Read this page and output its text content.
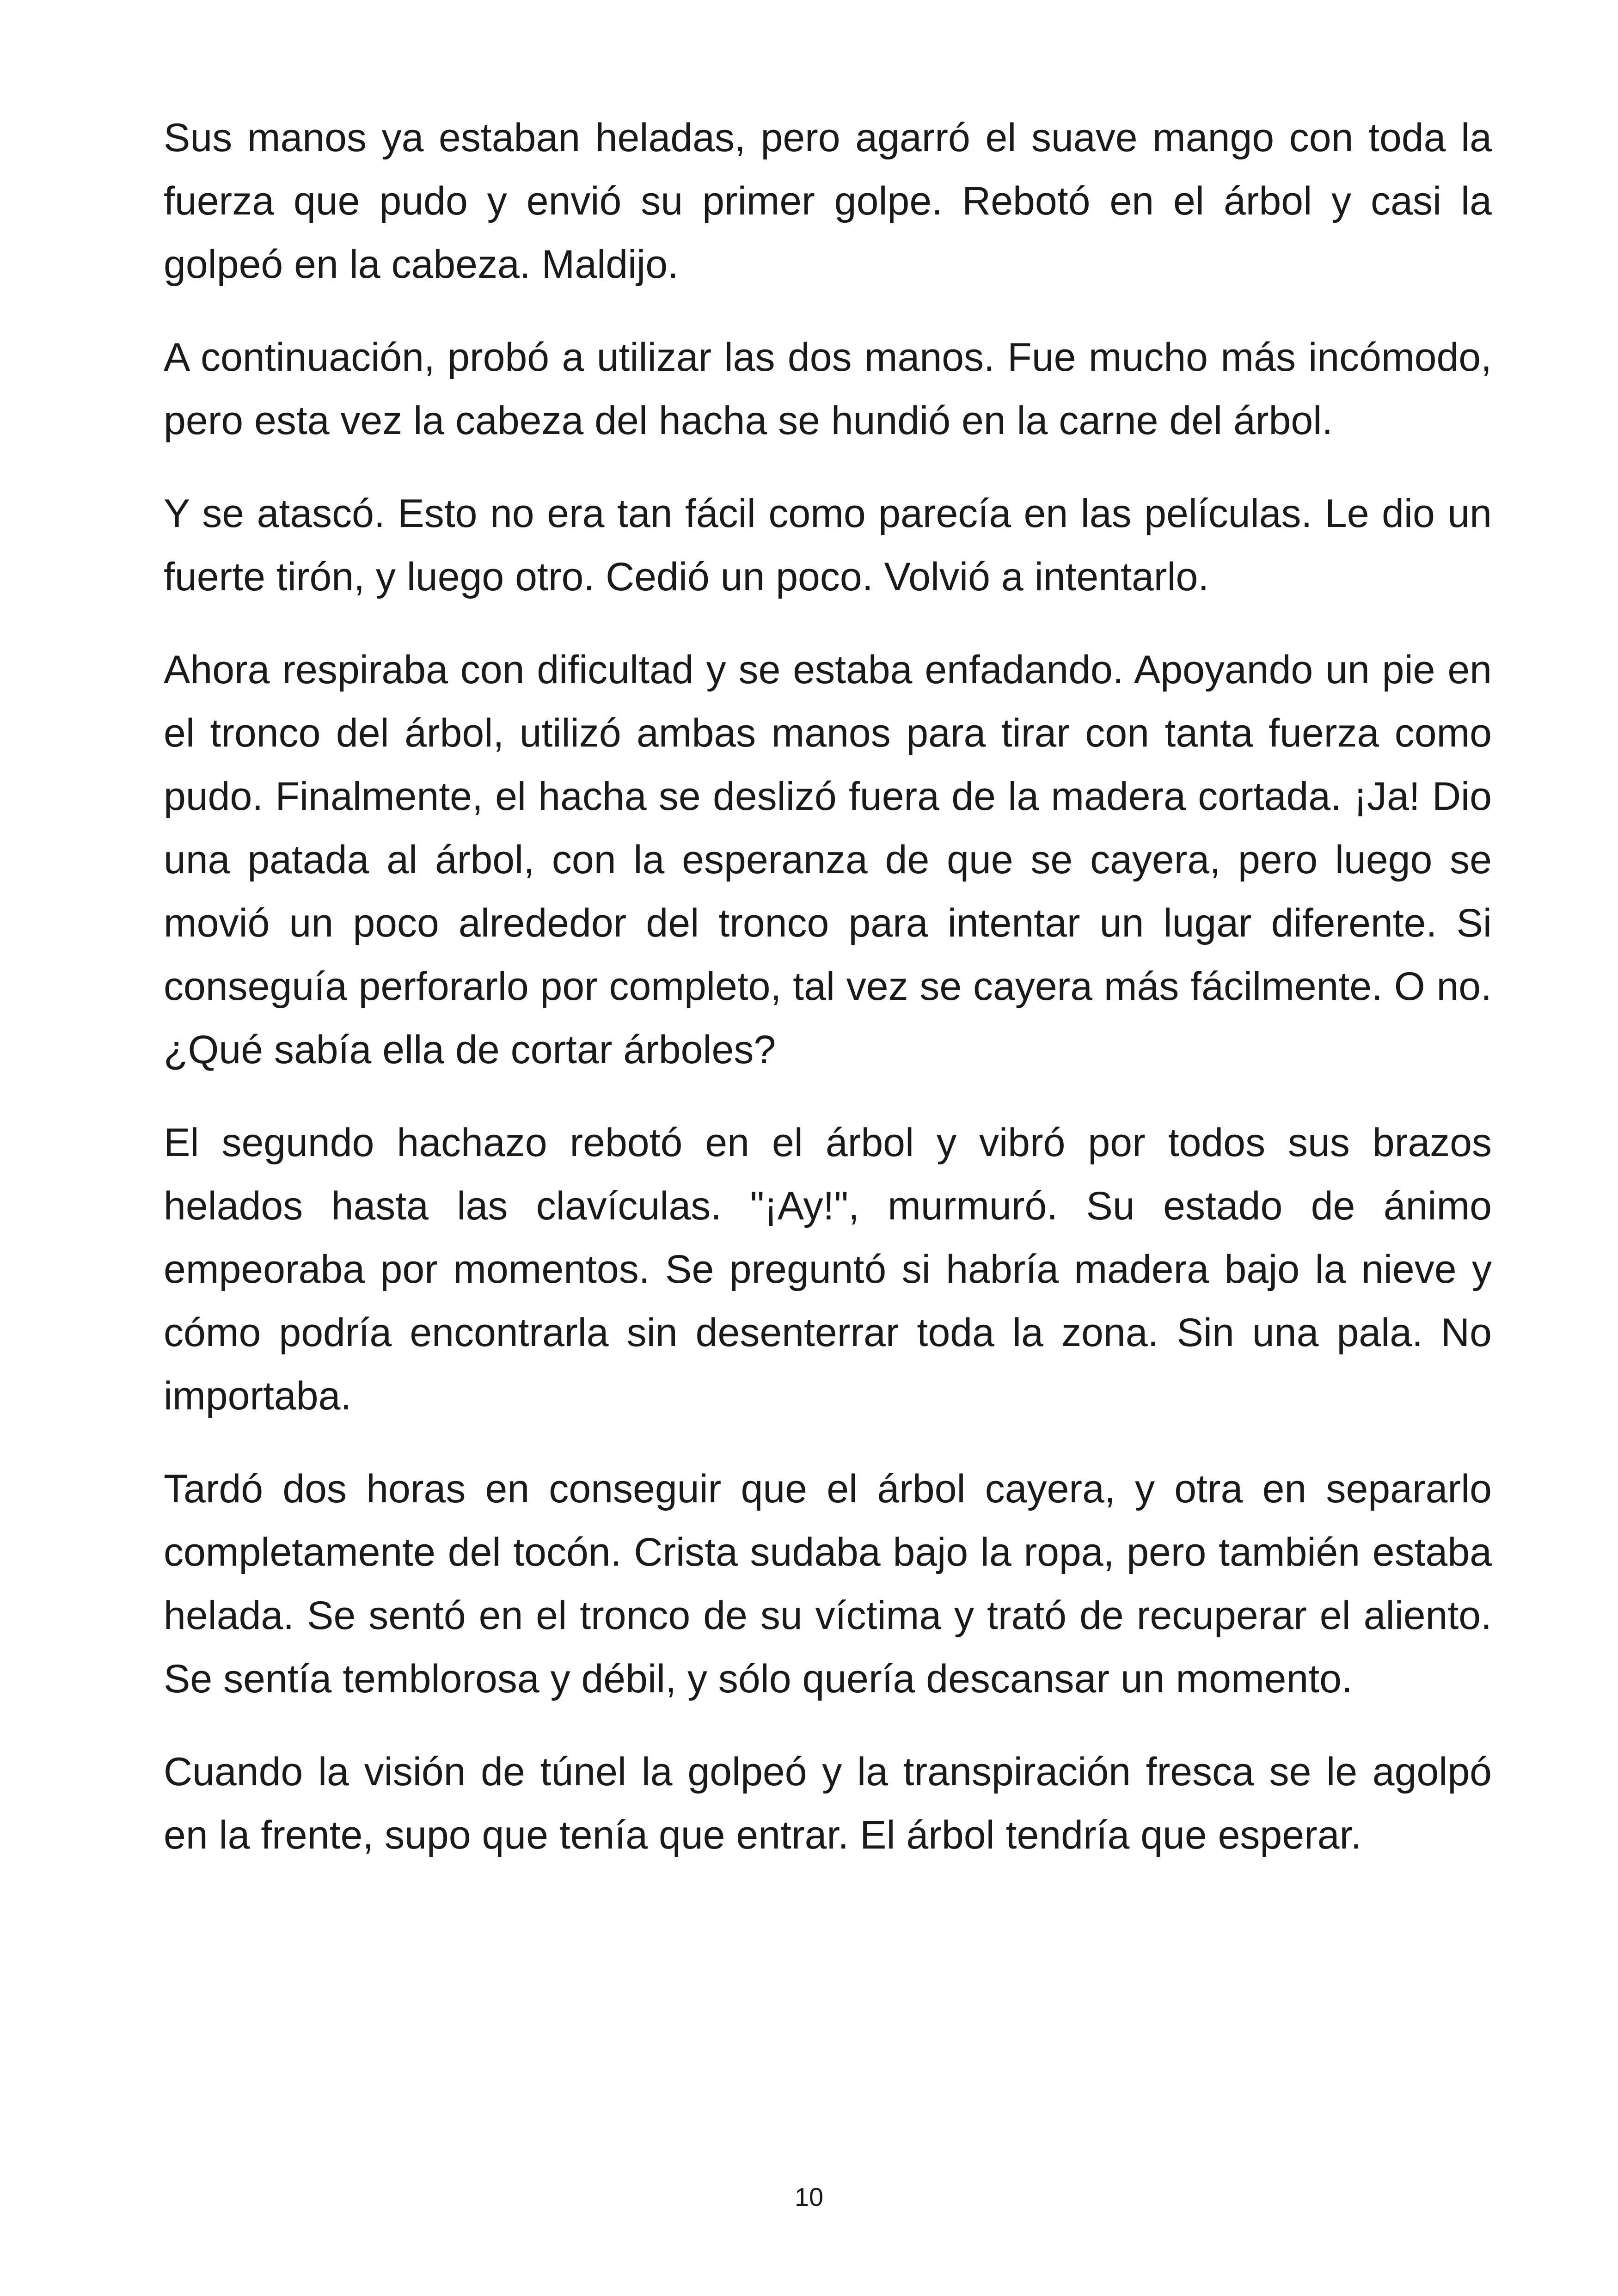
Sus manos ya estaban heladas, pero agarró el suave mango con toda la fuerza que pudo y envió su primer golpe. Rebotó en el árbol y casi la golpeó en la cabeza. Maldijo.

A continuación, probó a utilizar las dos manos. Fue mucho más incómodo, pero esta vez la cabeza del hacha se hundió en la carne del árbol.

Y se atascó. Esto no era tan fácil como parecía en las películas. Le dio un fuerte tirón, y luego otro. Cedió un poco. Volvió a intentarlo.

Ahora respiraba con dificultad y se estaba enfadando. Apoyando un pie en el tronco del árbol, utilizó ambas manos para tirar con tanta fuerza como pudo. Finalmente, el hacha se deslizó fuera de la madera cortada. ¡Ja! Dio una patada al árbol, con la esperanza de que se cayera, pero luego se movió un poco alrededor del tronco para intentar un lugar diferente. Si conseguía perforarlo por completo, tal vez se cayera más fácilmente. O no. ¿Qué sabía ella de cortar árboles?

El segundo hachazo rebotó en el árbol y vibró por todos sus brazos helados hasta las clavículas. "¡Ay!", murmuró. Su estado de ánimo empeoraba por momentos. Se preguntó si habría madera bajo la nieve y cómo podría encontrarla sin desenterrar toda la zona. Sin una pala. No importaba.

Tardó dos horas en conseguir que el árbol cayera, y otra en separarlo completamente del tocón. Crista sudaba bajo la ropa, pero también estaba helada. Se sentó en el tronco de su víctima y trató de recuperar el aliento. Se sentía temblorosa y débil, y sólo quería descansar un momento.

Cuando la visión de túnel la golpeó y la transpiración fresca se le agolpó en la frente, supo que tenía que entrar. El árbol tendría que esperar.

10
